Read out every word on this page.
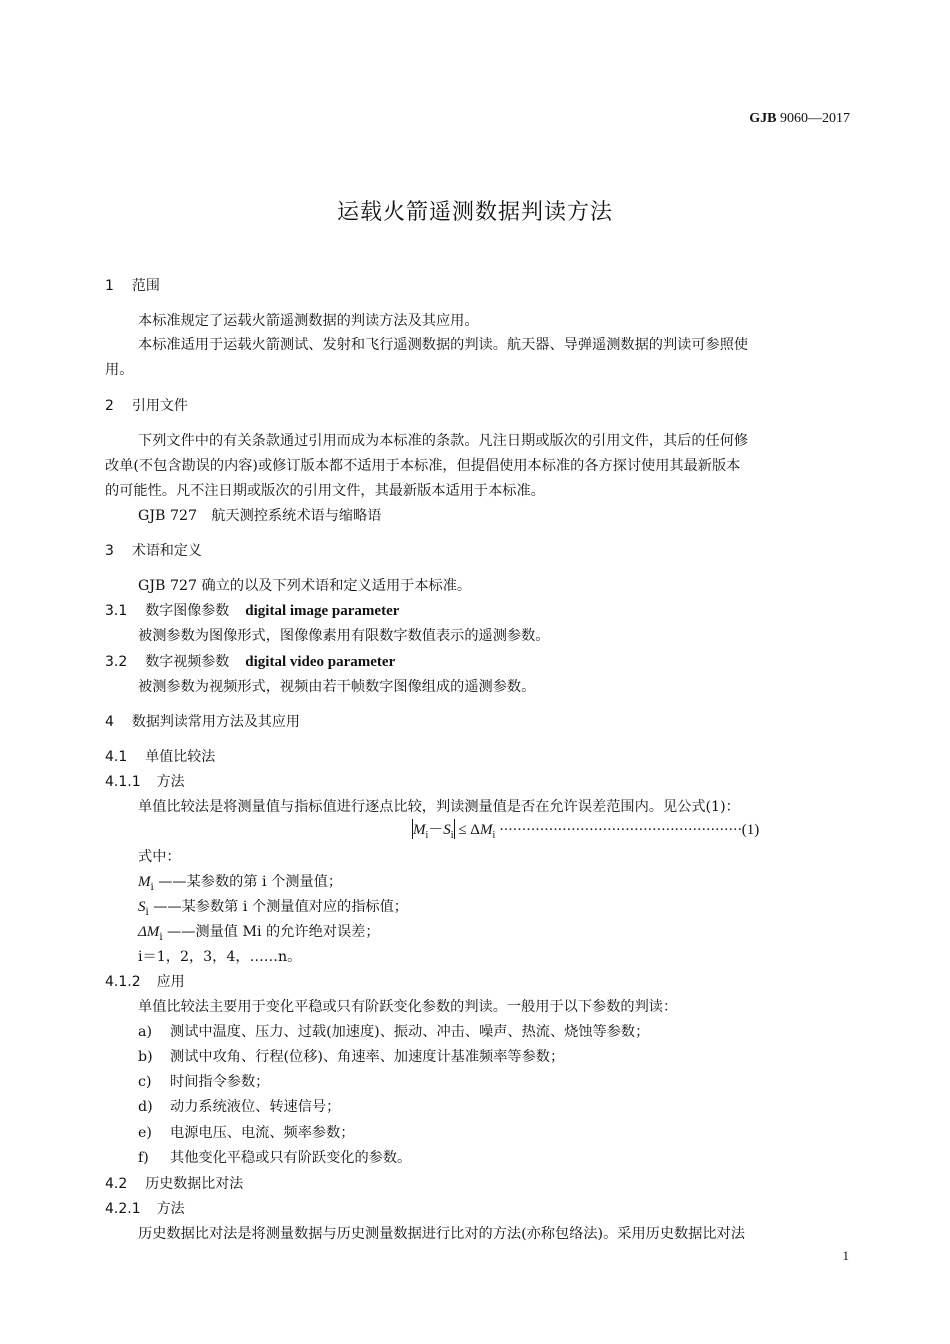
GJB 9060—2017
运载火箭遥测数据判读方法
1 范围
本标准规定了运载火箭遥测数据的判读方法及其应用。
本标准适用于运载火箭测试、发射和飞行遥测数据的判读。航天器、导弹遥测数据的判读可参照使
用。
2 引用文件
下列文件中的有关条款通过引用而成为本标准的条款。凡注日期或版次的引用文件，其后的任何修
改单(不包含勘误的内容)或修订版本都不适用于本标准，但提倡使用本标准的各方探讨使用其最新版本
的可能性。凡不注日期或版次的引用文件，其最新版本适用于本标准。
GJB 727　航天测控系统术语与缩略语
3 术语和定义
GJB 727 确立的以及下列术语和定义适用于本标准。
3.1 数字图像参数 digital image parameter
被测参数为图像形式，图像像素用有限数字数值表示的遥测参数。
3.2 数字视频参数 digital video parameter
被测参数为视频形式，视频由若干帧数字图像组成的遥测参数。
4 数据判读常用方法及其应用
4.1 单值比较法
4.1.1 方法
单值比较法是将测量值与指标值进行逐点比较，判读测量值是否在允许误差范围内。见公式(1)：
$M_i-S_i \le \Delta M_i \cdot\cdot\cdot\cdot\cdot\cdot\cdot\cdot\cdot\cdot\cdot\cdot\cdot\cdot\cdot\cdot\cdot\cdot\cdot\cdot\cdot\cdot\cdot\cdot\cdot\cdot\cdot\cdot\cdot\cdot\cdot\cdot\cdot\cdot\cdot\cdot\cdot\cdot\cdot\cdot\cdot\cdot\cdot\cdot\cdot\cdot\cdot\cdot\cdot\cdot\cdot\cdot\cdot\cdot(1)$
式中：
$M_i$ ——某参数的第 i 个测量值；
$S_i$ ——某参数第 i 个测量值对应的指标值；
$\Delta M_i$ ——测量值 Mi 的允许绝对误差；
i＝1，2，3，4，……n。
4.1.2 应用
单值比较法主要用于变化平稳或只有阶跃变化参数的判读。一般用于以下参数的判读：
a) 测试中温度、压力、过载(加速度)、振动、冲击、噪声、热流、烧蚀等参数；
b) 测试中攻角、行程(位移)、角速率、加速度计基准频率等参数；
c) 时间指令参数；
d) 动力系统液位、转速信号；
e) 电源电压、电流、频率参数；
f) 其他变化平稳或只有阶跃变化的参数。
4.2 历史数据比对法
4.2.1 方法
历史数据比对法是将测量数据与历史测量数据进行比对的方法(亦称包络法)。采用历史数据比对法
1
